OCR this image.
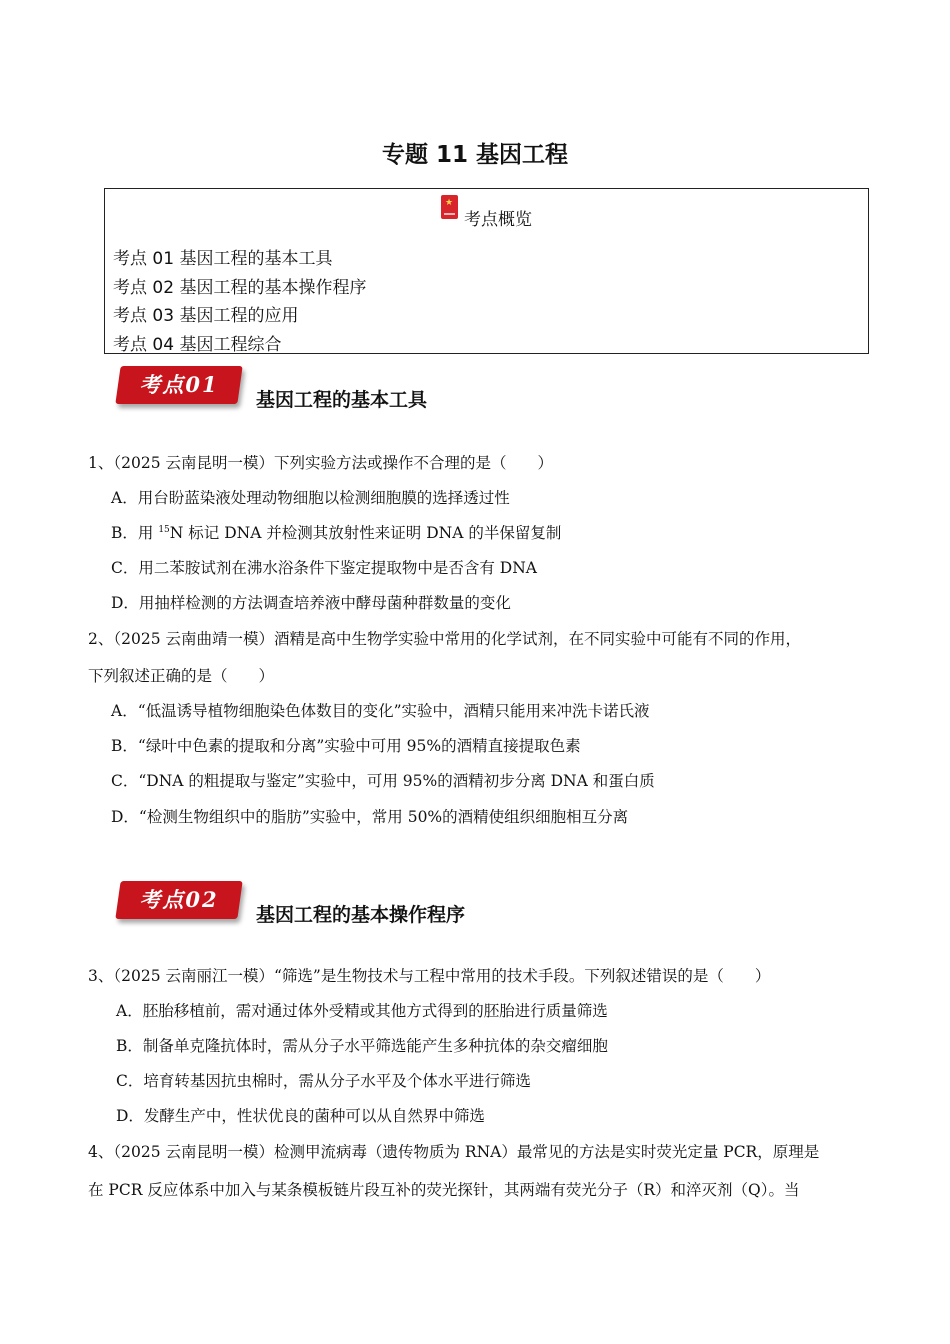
专题 11 基因工程
★考点概览
考点 01 基因工程的基本工具
考点 02 基因工程的基本操作程序
考点 03 基因工程的应用
考点 04 基因工程综合
考点01
基因工程的基本工具
1、（2025 云南昆明一模）下列实验方法或操作不合理的是（　　）
A．用台盼蓝染液处理动物细胞以检测细胞膜的选择透过性
B．用 $^{15}$N 标记 DNA 并检测其放射性来证明 DNA 的半保留复制
C．用二苯胺试剂在沸水浴条件下鉴定提取物中是否含有 DNA
D．用抽样检测的方法调查培养液中酵母菌种群数量的变化
2、（2025 云南曲靖一模）酒精是高中生物学实验中常用的化学试剂，在不同实验中可能有不同的作用，
下列叙述正确的是（　　）
A．“低温诱导植物细胞染色体数目的变化”实验中，酒精只能用来冲洗卡诺氏液
B．“绿叶中色素的提取和分离”实验中可用 95%的酒精直接提取色素
C．“DNA 的粗提取与鉴定”实验中，可用 95%的酒精初步分离 DNA 和蛋白质
D．“检测生物组织中的脂肪”实验中，常用 50%的酒精使组织细胞相互分离
考点02
基因工程的基本操作程序
3、（2025 云南丽江一模）“筛选”是生物技术与工程中常用的技术手段。下列叙述错误的是（　　）
A．胚胎移植前，需对通过体外受精或其他方式得到的胚胎进行质量筛选
B．制备单克隆抗体时，需从分子水平筛选能产生多种抗体的杂交瘤细胞
C．培育转基因抗虫棉时，需从分子水平及个体水平进行筛选
D．发酵生产中，性状优良的菌种可以从自然界中筛选
4、（2025 云南昆明一模）检测甲流病毒（遗传物质为 RNA）最常见的方法是实时荧光定量 PCR，原理是
在 PCR 反应体系中加入与某条模板链片段互补的荧光探针，其两端有荧光分子（R）和淬灭剂（Q）。当
